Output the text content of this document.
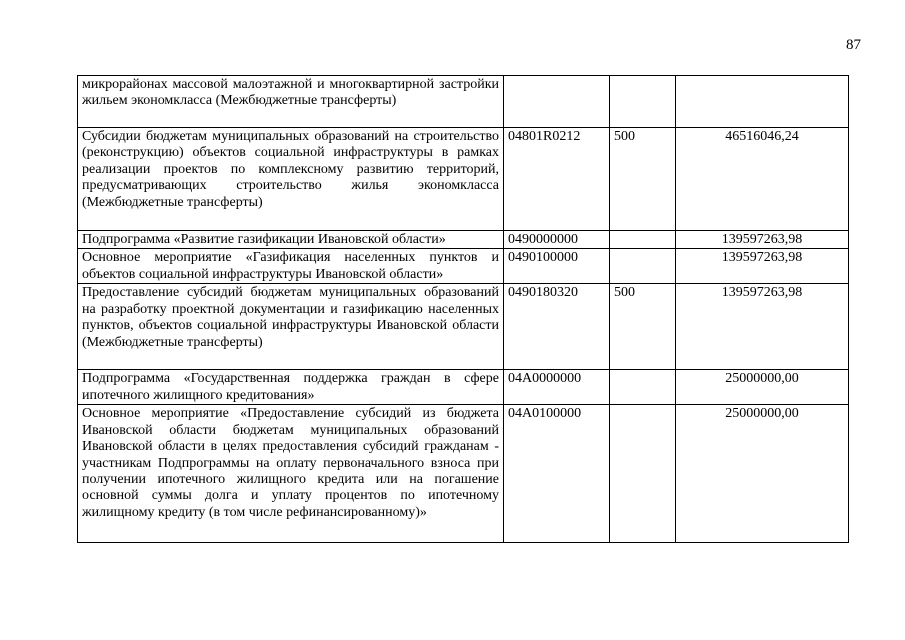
87
микрорайонах массовой малоэтажной и многоквартирной застройки жильем экономкласса (Межбюджетные трансферты)			
Субсидии бюджетам муниципальных образований на строительство (реконструкцию) объектов социальной инфраструктуры в рамках реализации проектов по комплексному развитию территорий, предусматривающих строительство жилья экономкласса (Межбюджетные трансферты)	04801R0212	500	46516046,24
Подпрограмма «Развитие газификации Ивановской области»	0490000000		139597263,98
Основное мероприятие «Газификация населенных пунктов и объектов социальной инфраструктуры Ивановской области»	0490100000		139597263,98
Предоставление субсидий бюджетам муниципальных образований на разработку проектной документации и газификацию населенных пунктов, объектов социальной инфраструктуры Ивановской области (Межбюджетные трансферты)	0490180320	500	139597263,98
Подпрограмма «Государственная поддержка граждан в сфере ипотечного жилищного кредитования»	04А0000000		25000000,00
Основное мероприятие «Предоставление субсидий из бюджета Ивановской области бюджетам муниципальных образований Ивановской области в целях предоставления субсидий гражданам - участникам Подпрограммы на оплату первоначального взноса при получении ипотечного жилищного кредита или на погашение основной суммы долга и уплату процентов по ипотечному жилищному кредиту (в том числе рефинансированному)»	04А0100000		25000000,00
